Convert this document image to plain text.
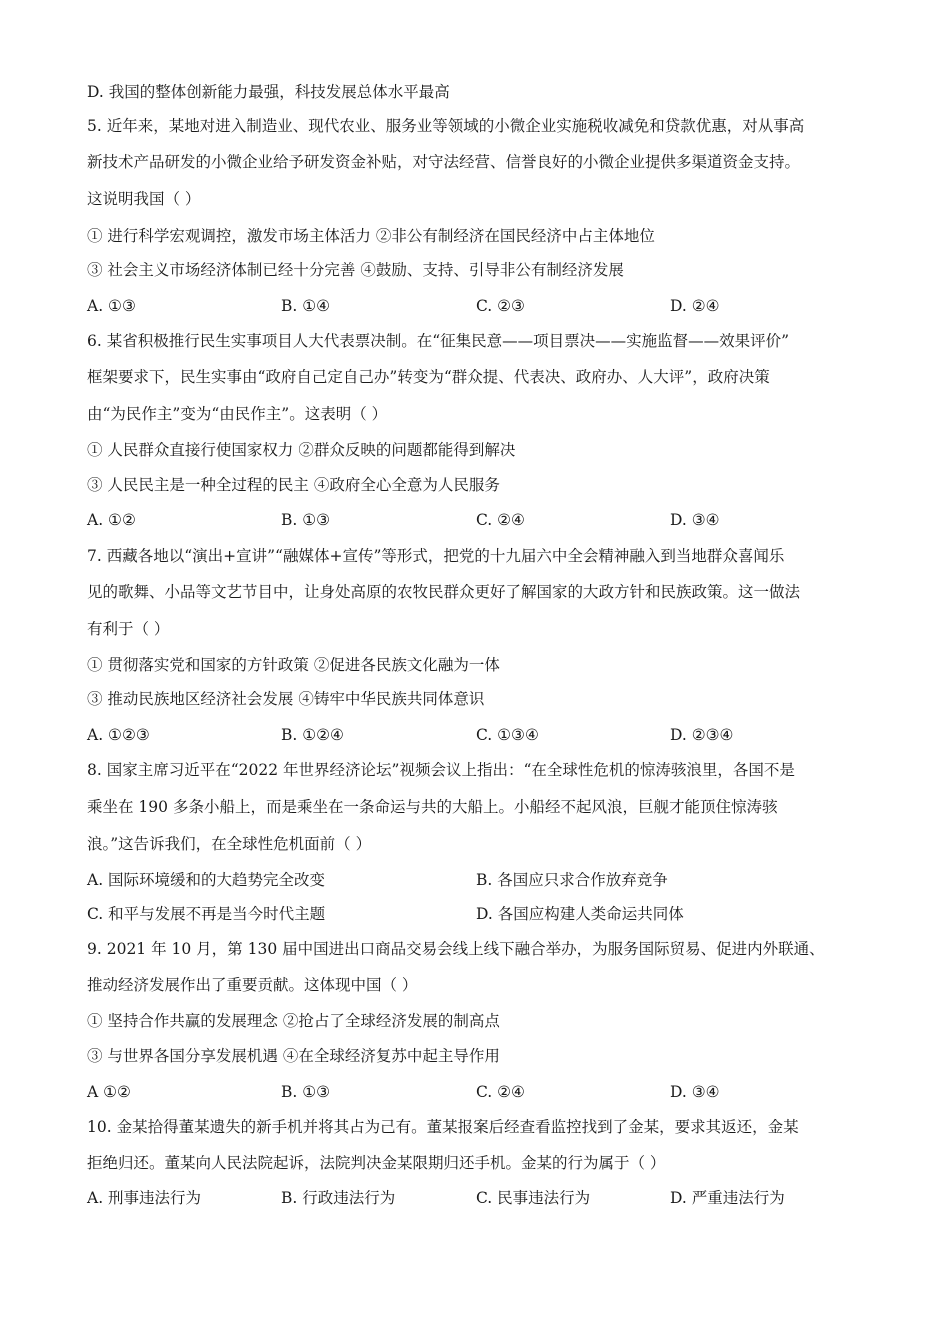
D. 我国的整体创新能力最强，科技发展总体水平最高
5. 近年来，某地对进入制造业、现代农业、服务业等领域的小微企业实施税收减免和贷款优惠，对从事高
新技术产品研发的小微企业给予研发资金补贴，对守法经营、信誉良好的小微企业提供多渠道资金支持。
这说明我国（ ）
① 进行科学宏观调控，激发市场主体活力 ②非公有制经济在国民经济中占主体地位
③ 社会主义市场经济体制已经十分完善 ④鼓励、支持、引导非公有制经济发展
A. ①③	B. ①④	C. ②③	D. ②④
6. 某省积极推行民生实事项目人大代表票决制。在“征集民意——项目票决——实施监督——效果评价”
框架要求下，民生实事由“政府自己定自己办”转变为“群众提、代表决、政府办、人大评”，政府决策
由“为民作主”变为“由民作主”。这表明（ ）
① 人民群众直接行使国家权力 ②群众反映的问题都能得到解决
③ 人民民主是一种全过程的民主 ④政府全心全意为人民服务
A. ①②	B. ①③	C. ②④	D. ③④
7. 西藏各地以“演出+宣讲”“融媒体+宣传”等形式，把党的十九届六中全会精神融入到当地群众喜闻乐
见的歌舞、小品等文艺节目中，让身处高原的农牧民群众更好了解国家的大政方针和民族政策。这一做法
有利于（ ）
① 贯彻落实党和国家的方针政策 ②促进各民族文化融为一体
③ 推动民族地区经济社会发展 ④铸牢中华民族共同体意识
A. ①②③	B. ①②④	C. ①③④	D. ②③④
8. 国家主席习近平在“2022 年世界经济论坛”视频会议上指出：“在全球性危机的惊涛骇浪里，各国不是
乘坐在 190 多条小船上，而是乘坐在一条命运与共的大船上。小船经不起风浪，巨舰才能顶住惊涛骇
浪。”这告诉我们，在全球性危机面前（ ）
A. 国际环境缓和的大趋势完全改变	B. 各国应只求合作放弃竞争
C. 和平与发展不再是当今时代主题	D. 各国应构建人类命运共同体
9. 2021 年 10 月，第 130 届中国进出口商品交易会线上线下融合举办，为服务国际贸易、促进内外联通、
推动经济发展作出了重要贡献。这体现中国（ ）
① 坚持合作共赢的发展理念 ②抢占了全球经济发展的制高点
③ 与世界各国分享发展机遇 ④在全球经济复苏中起主导作用
A ①②	B. ①③	C. ②④	D. ③④
10. 金某拾得董某遗失的新手机并将其占为己有。董某报案后经查看监控找到了金某，要求其返还，金某
拒绝归还。董某向人民法院起诉，法院判决金某限期归还手机。金某的行为属于（ ）
A. 刑事违法行为	B. 行政违法行为	C. 民事违法行为	D. 严重违法行为
